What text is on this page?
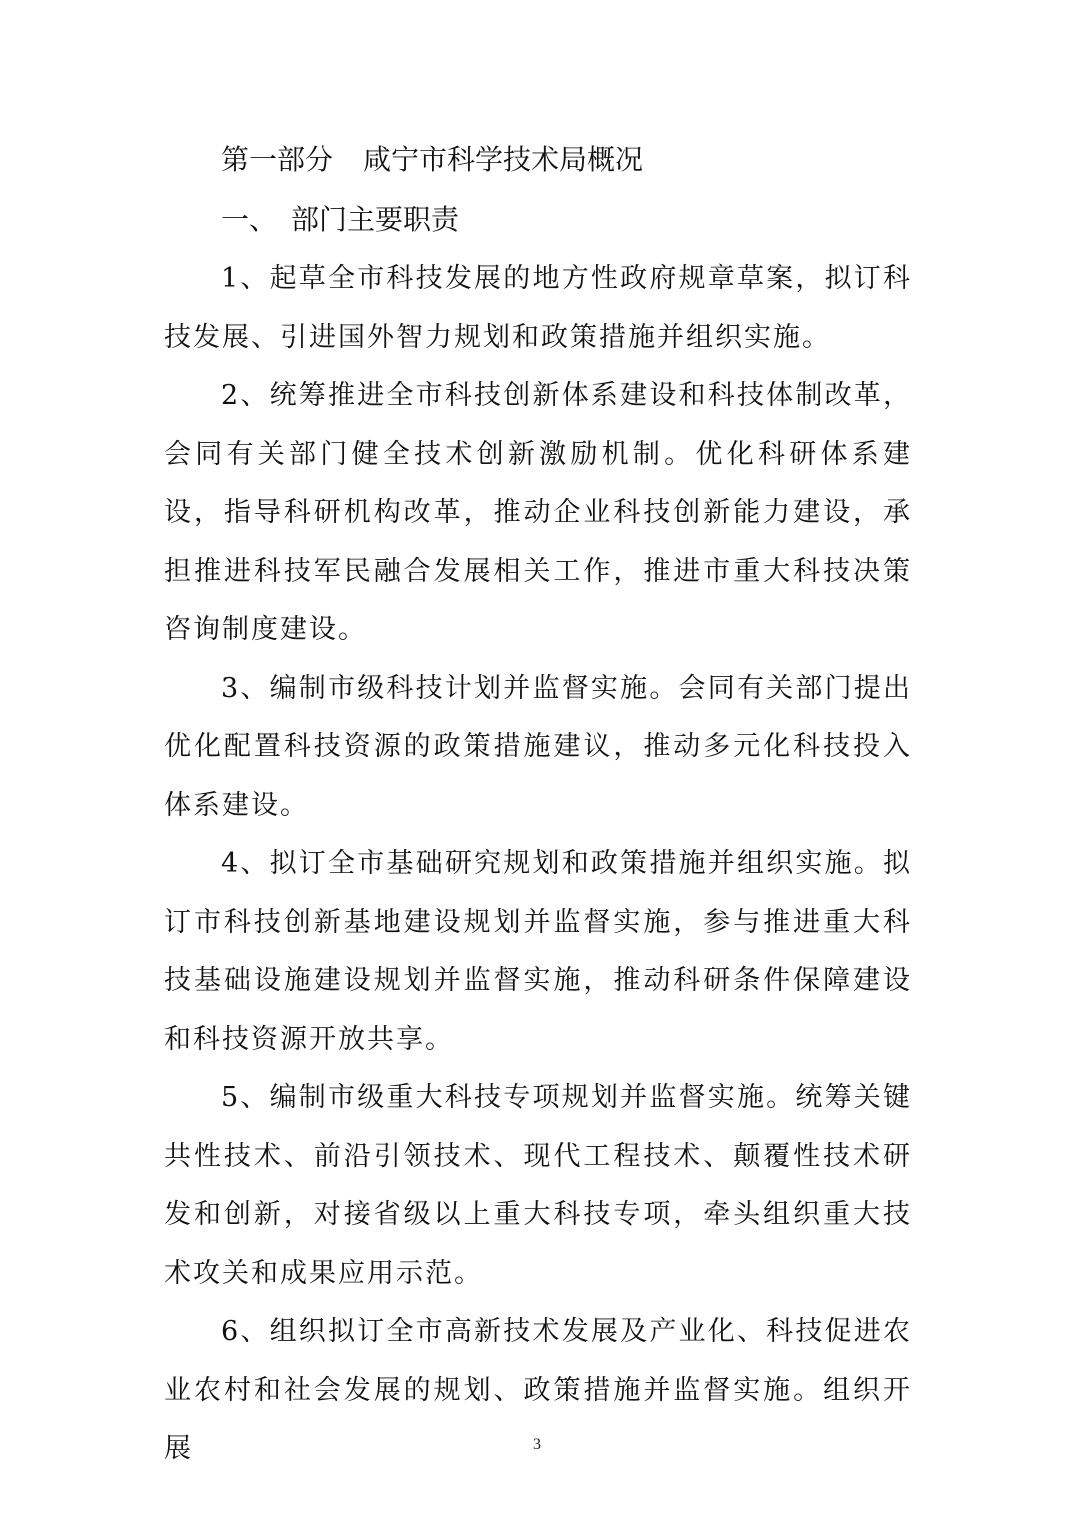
第一部分 咸宁市科学技术局概况

一、 部门主要职责

1、起草全市科技发展的地方性政府规章草案，拟订科技发展、引进国外智力规划和政策措施并组织实施。

2、统筹推进全市科技创新体系建设和科技体制改革，会同有关部门健全技术创新激励机制。优化科研体系建设，指导科研机构改革，推动企业科技创新能力建设，承担推进科技军民融合发展相关工作，推进市重大科技决策咨询制度建设。

3、编制市级科技计划并监督实施。会同有关部门提出优化配置科技资源的政策措施建议，推动多元化科技投入体系建设。

4、拟订全市基础研究规划和政策措施并组织实施。拟订市科技创新基地建设规划并监督实施，参与推进重大科技基础设施建设规划并监督实施，推动科研条件保障建设和科技资源开放共享。

5、编制市级重大科技专项规划并监督实施。统筹关键共性技术、前沿引领技术、现代工程技术、颠覆性技术研发和创新，对接省级以上重大科技专项，牵头组织重大技术攻关和成果应用示范。

6、组织拟订全市高新技术发展及产业化、科技促进农业农村和社会发展的规划、政策措施并监督实施。组织开展	3
